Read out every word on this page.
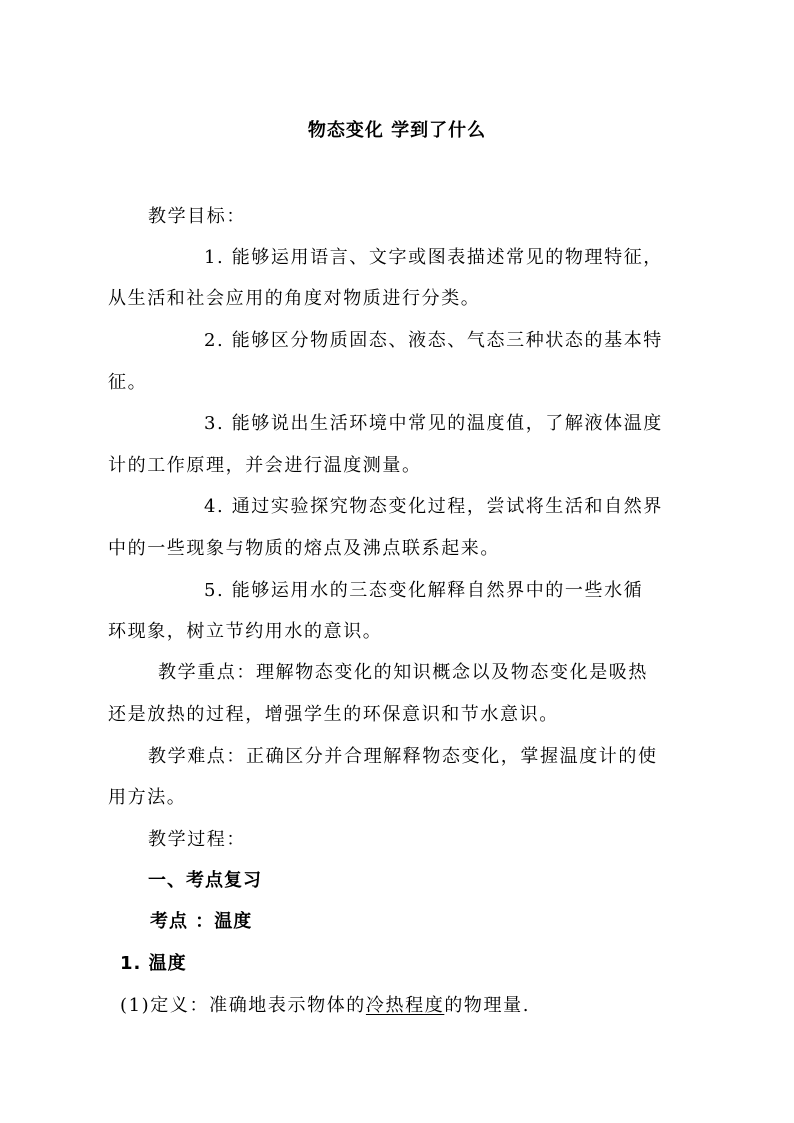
物态变化 学到了什么
教学目标：
1. 能够运用语言、文字或图表描述常见的物理特征，
从生活和社会应用的角度对物质进行分类。
2. 能够区分物质固态、液态、气态三种状态的基本特
征。
3. 能够说出生活环境中常见的温度值，了解液体温度
计的工作原理，并会进行温度测量。
4. 通过实验探究物态变化过程，尝试将生活和自然界
中的一些现象与物质的熔点及沸点联系起来。
5. 能够运用水的三态变化解释自然界中的一些水循
环现象，树立节约用水的意识。
教学重点：理解物态变化的知识概念以及物态变化是吸热
还是放热的过程，增强学生的环保意识和节水意识。
教学难点：正确区分并合理解释物态变化，掌握温度计的使
用方法。
教学过程：
一、考点复习
考点 ：温度
1. 温度
(1)定义：准确地表示物体的冷热程度的物理量.
